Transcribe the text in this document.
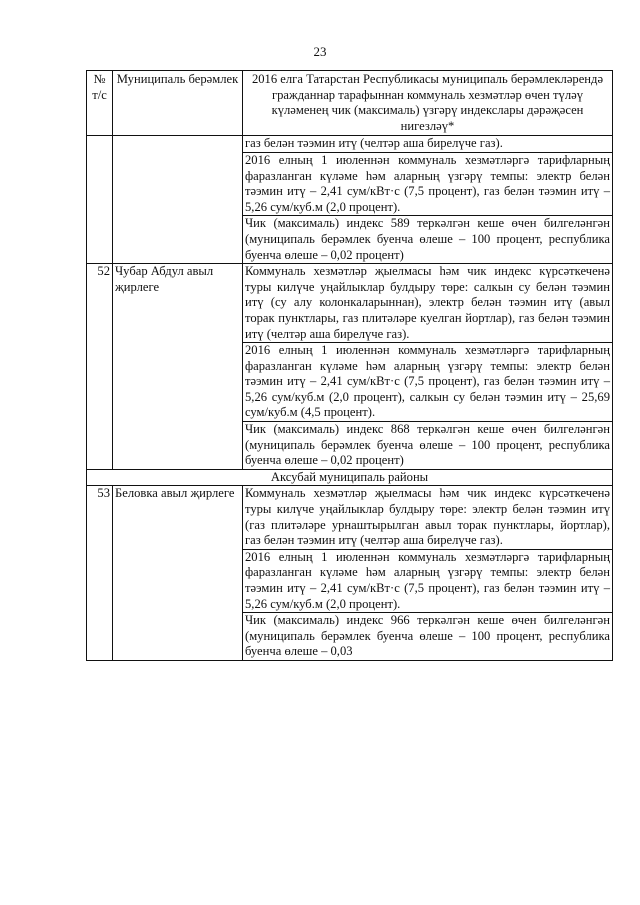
23
№ т/с	Муниципаль берәмлек	2016 елга Татарстан Республикасы муниципаль берәмлекләрендә гражданнар тарафыннан коммуналь хезмәтләр өчен түләү күләменең чик (максималь) үзгәрү индекслары дәрәҗәсен нигезләү*

		газ белән тәэмин итү (челтәр аша бирелүче газ).

2016 елның 1 июленнән коммуналь хезмәтләргә тарифларның фаразланган күләме һәм аларның үзгәрү темпы: электр белән тәэмин итү – 2,41 сум/кВт·с (7,5 процент), газ белән тәэмин итү – 5,26 сум/куб.м (2,0 процент).

Чик (максималь) индекс 589 теркәлгән кеше өчен билгеләнгән (муниципаль берәмлек буенча өлеше – 100 процент, республика буенча өлеше – 0,02 процент)

52	Чубар Абдул авыл җирлеге	Коммуналь хезмәтләр җыелмасы һәм чик индекс күрсәткеченә туры килүче уңайлыклар булдыру төре: салкын су белән тәэмин итү (су алу колонкаларыннан), электр белән тәэмин итү (авыл торак пунктлары, газ плитәләре куелган йортлар), газ белән тәэмин итү (челтәр аша бирелүче газ).

2016 елның 1 июленнән коммуналь хезмәтләргә тарифларның фаразланган күләме һәм аларның үзгәрү темпы: электр белән тәэмин итү – 2,41 сум/кВт·с (7,5 процент), газ белән тәэмин итү – 5,26 сум/куб.м (2,0 процент), салкын су белән тәэмин итү – 25,69 сум/куб.м (4,5 процент).

Чик (максималь) индекс 868 теркәлгән кеше өчен билгеләнгән (муниципаль берәмлек буенча өлеше – 100 процент, республика буенча өлеше – 0,02 процент)

Аксубай муниципаль районы		
53	Беловка авыл җирлеге	Коммуналь хезмәтләр җыелмасы һәм чик индекс күрсәткеченә туры килүче уңайлыклар булдыру төре: электр белән тәэмин итү (газ плитәләре урнаштырылган авыл торак пунктлары, йортлар), газ белән тәэмин итү (челтәр аша бирелүче газ).

2016 елның 1 июленнән коммуналь хезмәтләргә тарифларның фаразланган күләме һәм аларның үзгәрү темпы: электр белән тәэмин итү – 2,41 сум/кВт·с (7,5 процент), газ белән тәэмин итү – 5,26 сум/куб.м (2,0 процент).

Чик (максималь) индекс 966 теркәлгән кеше өчен билгеләнгән (муниципаль берәмлек буенча өлеше – 100 процент, республика буенча өлеше – 0,03
